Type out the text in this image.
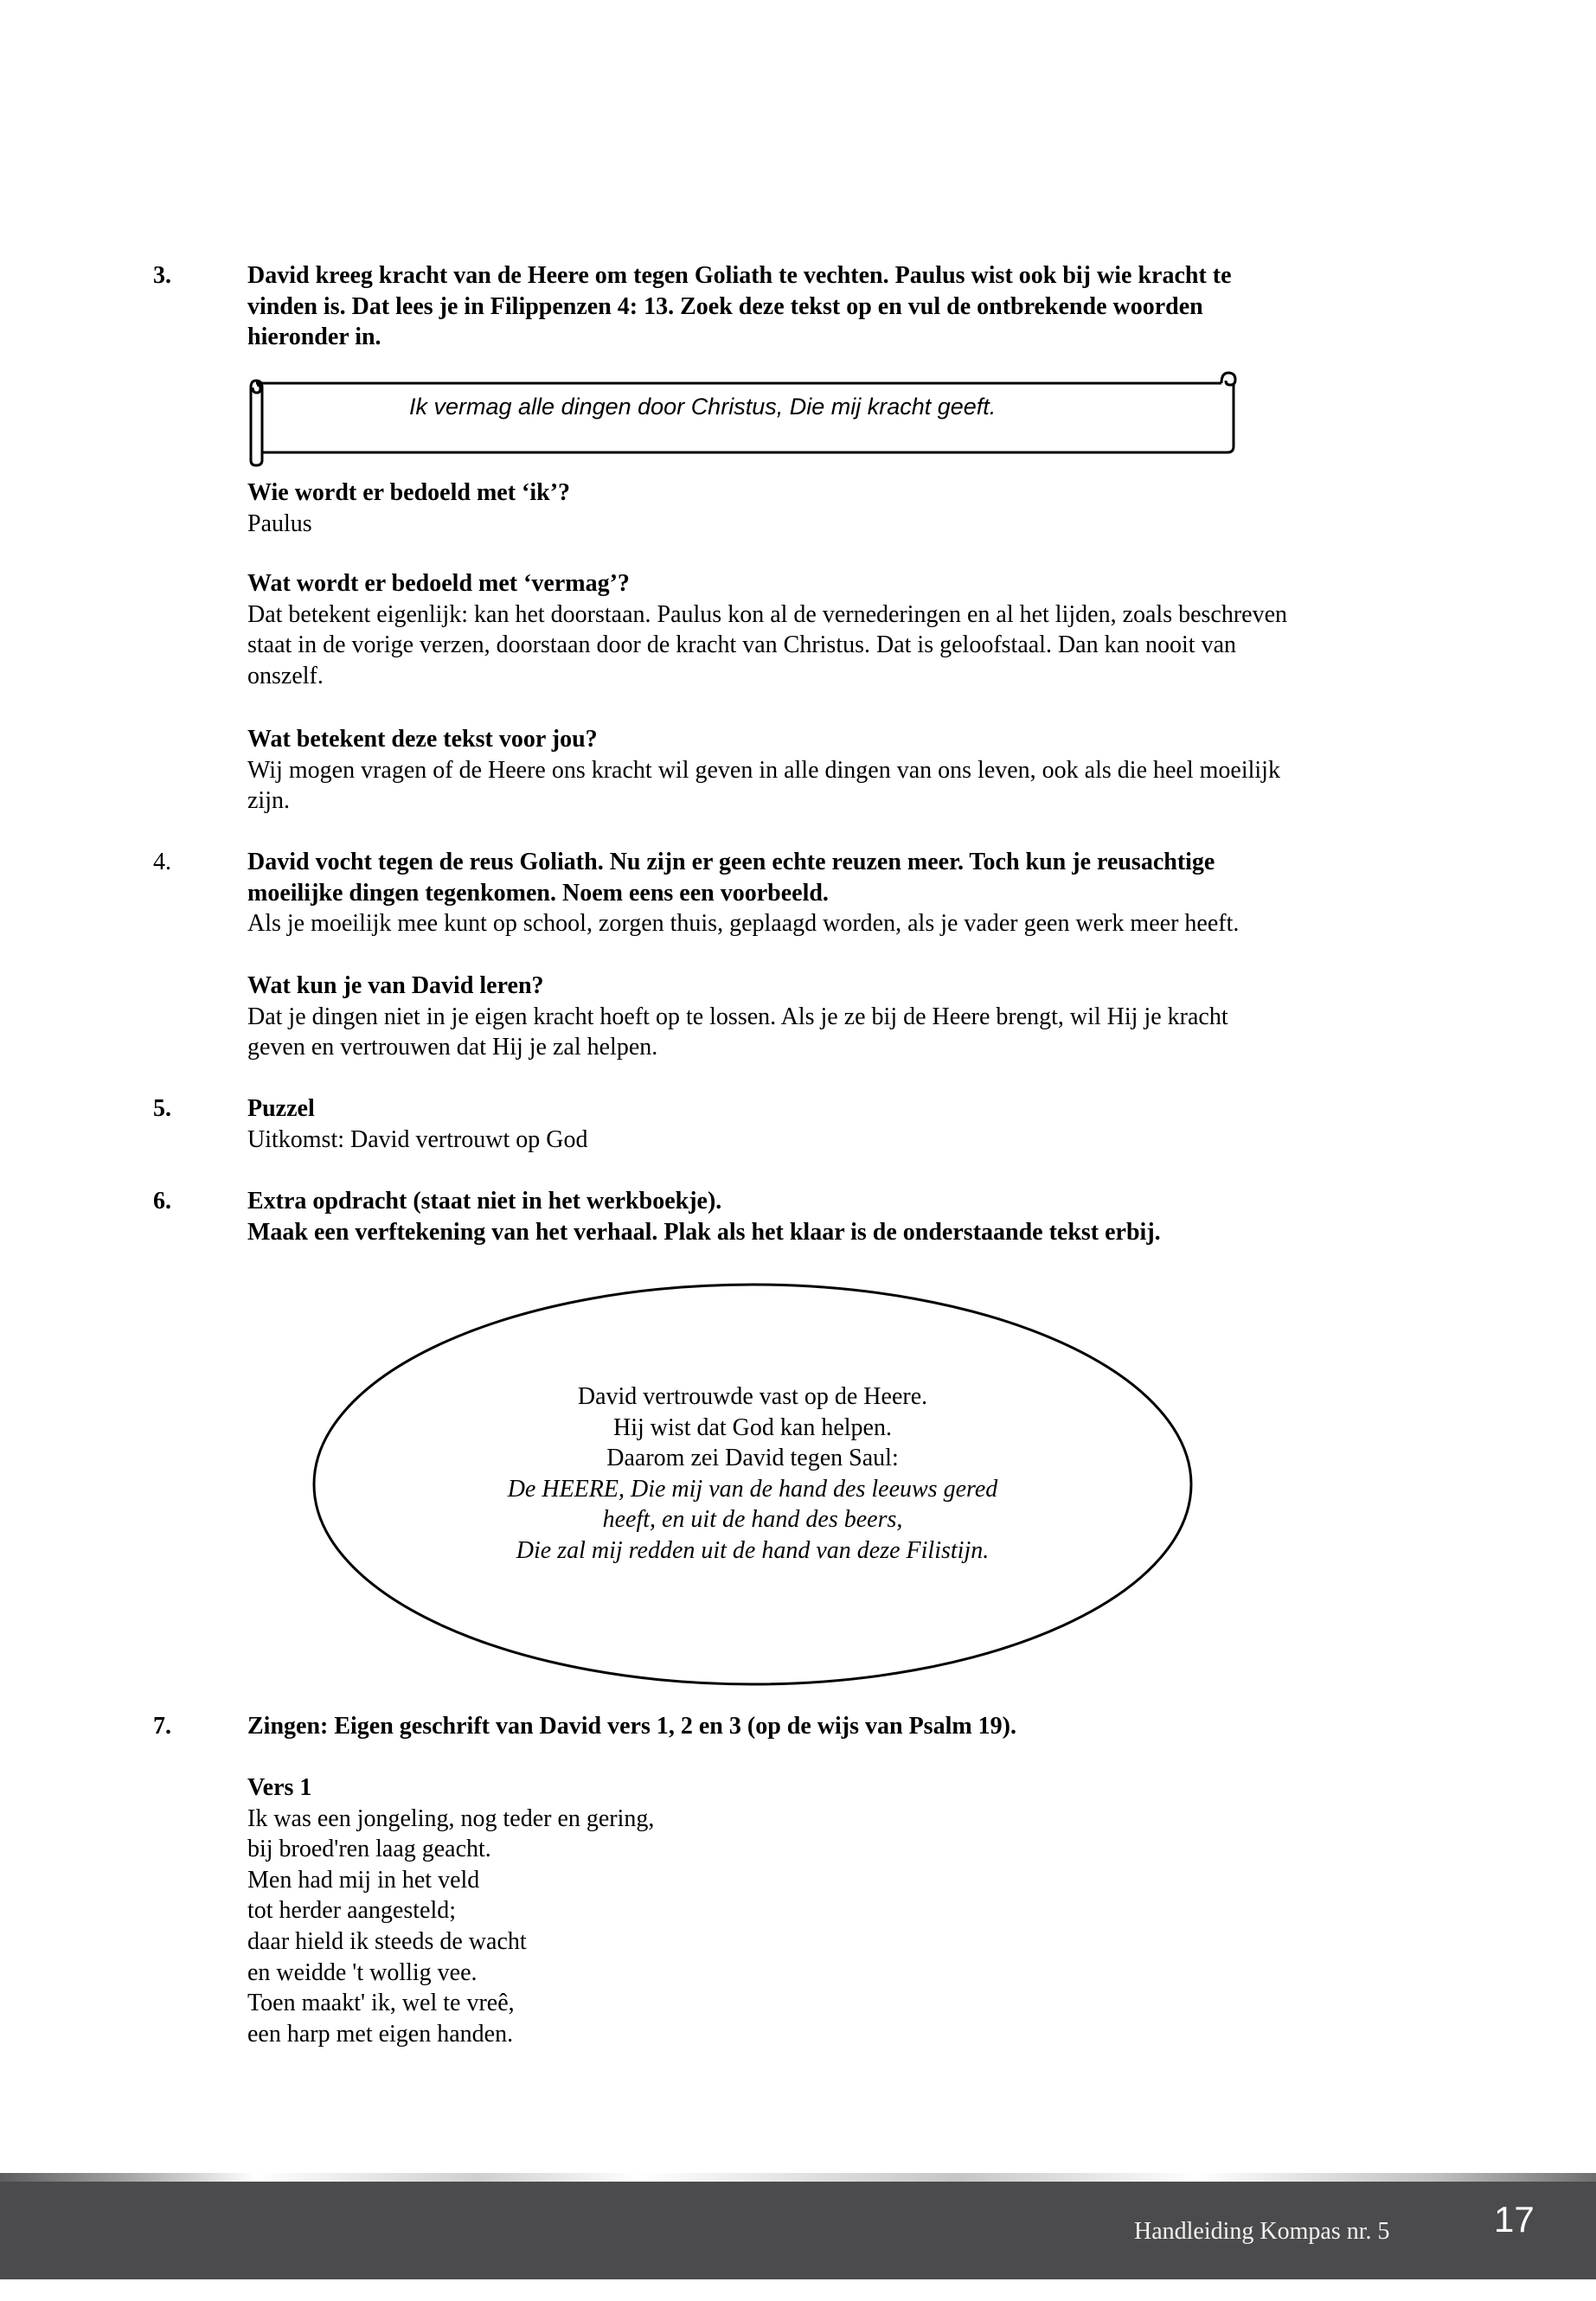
3.	David kreeg kracht van de Heere om tegen Goliath te vechten. Paulus wist ook bij wie kracht te
vinden is. Dat lees je in Filippenzen 4: 13. Zoek deze tekst op en vul de ontbrekende woorden
hieronder in.
Ik vermag alle dingen door Christus, Die mij kracht geeft.
Wie wordt er bedoeld met ‘ik’?
Paulus
Wat wordt er bedoeld met ‘vermag’?
Dat betekent eigenlijk: kan het doorstaan. Paulus kon al de vernederingen en al het lijden, zoals beschreven
staat in de vorige verzen, doorstaan door de kracht van Christus. Dat is geloofstaal. Dan kan nooit van
onszelf.
Wat betekent deze tekst voor jou?
Wij mogen vragen of de Heere ons kracht wil geven in alle dingen van ons leven, ook als die heel moeilijk
zijn.
4.	David vocht tegen de reus Goliath. Nu zijn er geen echte reuzen meer. Toch kun je reusachtige
moeilijke dingen tegenkomen. Noem eens een voorbeeld.
Als je moeilijk mee kunt op school, zorgen thuis, geplaagd worden, als je vader geen werk meer heeft.
Wat kun je van David leren?
Dat je dingen niet in je eigen kracht hoeft op te lossen. Als je ze bij de Heere brengt, wil Hij je kracht
geven en vertrouwen dat Hij je zal helpen.
5.	Puzzel
Uitkomst: David vertrouwt op God
6.	Extra opdracht (staat niet in het werkboekje).
Maak een verftekening van het verhaal. Plak als het klaar is de onderstaande tekst erbij.
David vertrouwde vast op de Heere.
Hij wist dat God kan helpen.
Daarom zei David tegen Saul:
De HEERE, Die mij van de hand des leeuws gered
heeft, en uit de hand des beers,
Die zal mij redden uit de hand van deze Filistijn.
7.	Zingen: Eigen geschrift van David vers 1, 2 en 3 (op de wijs van Psalm 19).
Vers 1
Ik was een jongeling, nog teder en gering,
bij broed'ren laag geacht.
Men had mij in het veld
tot herder aangesteld;
daar hield ik steeds de wacht
en weidde 't wollig vee.
Toen maakt' ik, wel te vreê,
een harp met eigen handen.
Handleiding Kompas nr. 5	17
